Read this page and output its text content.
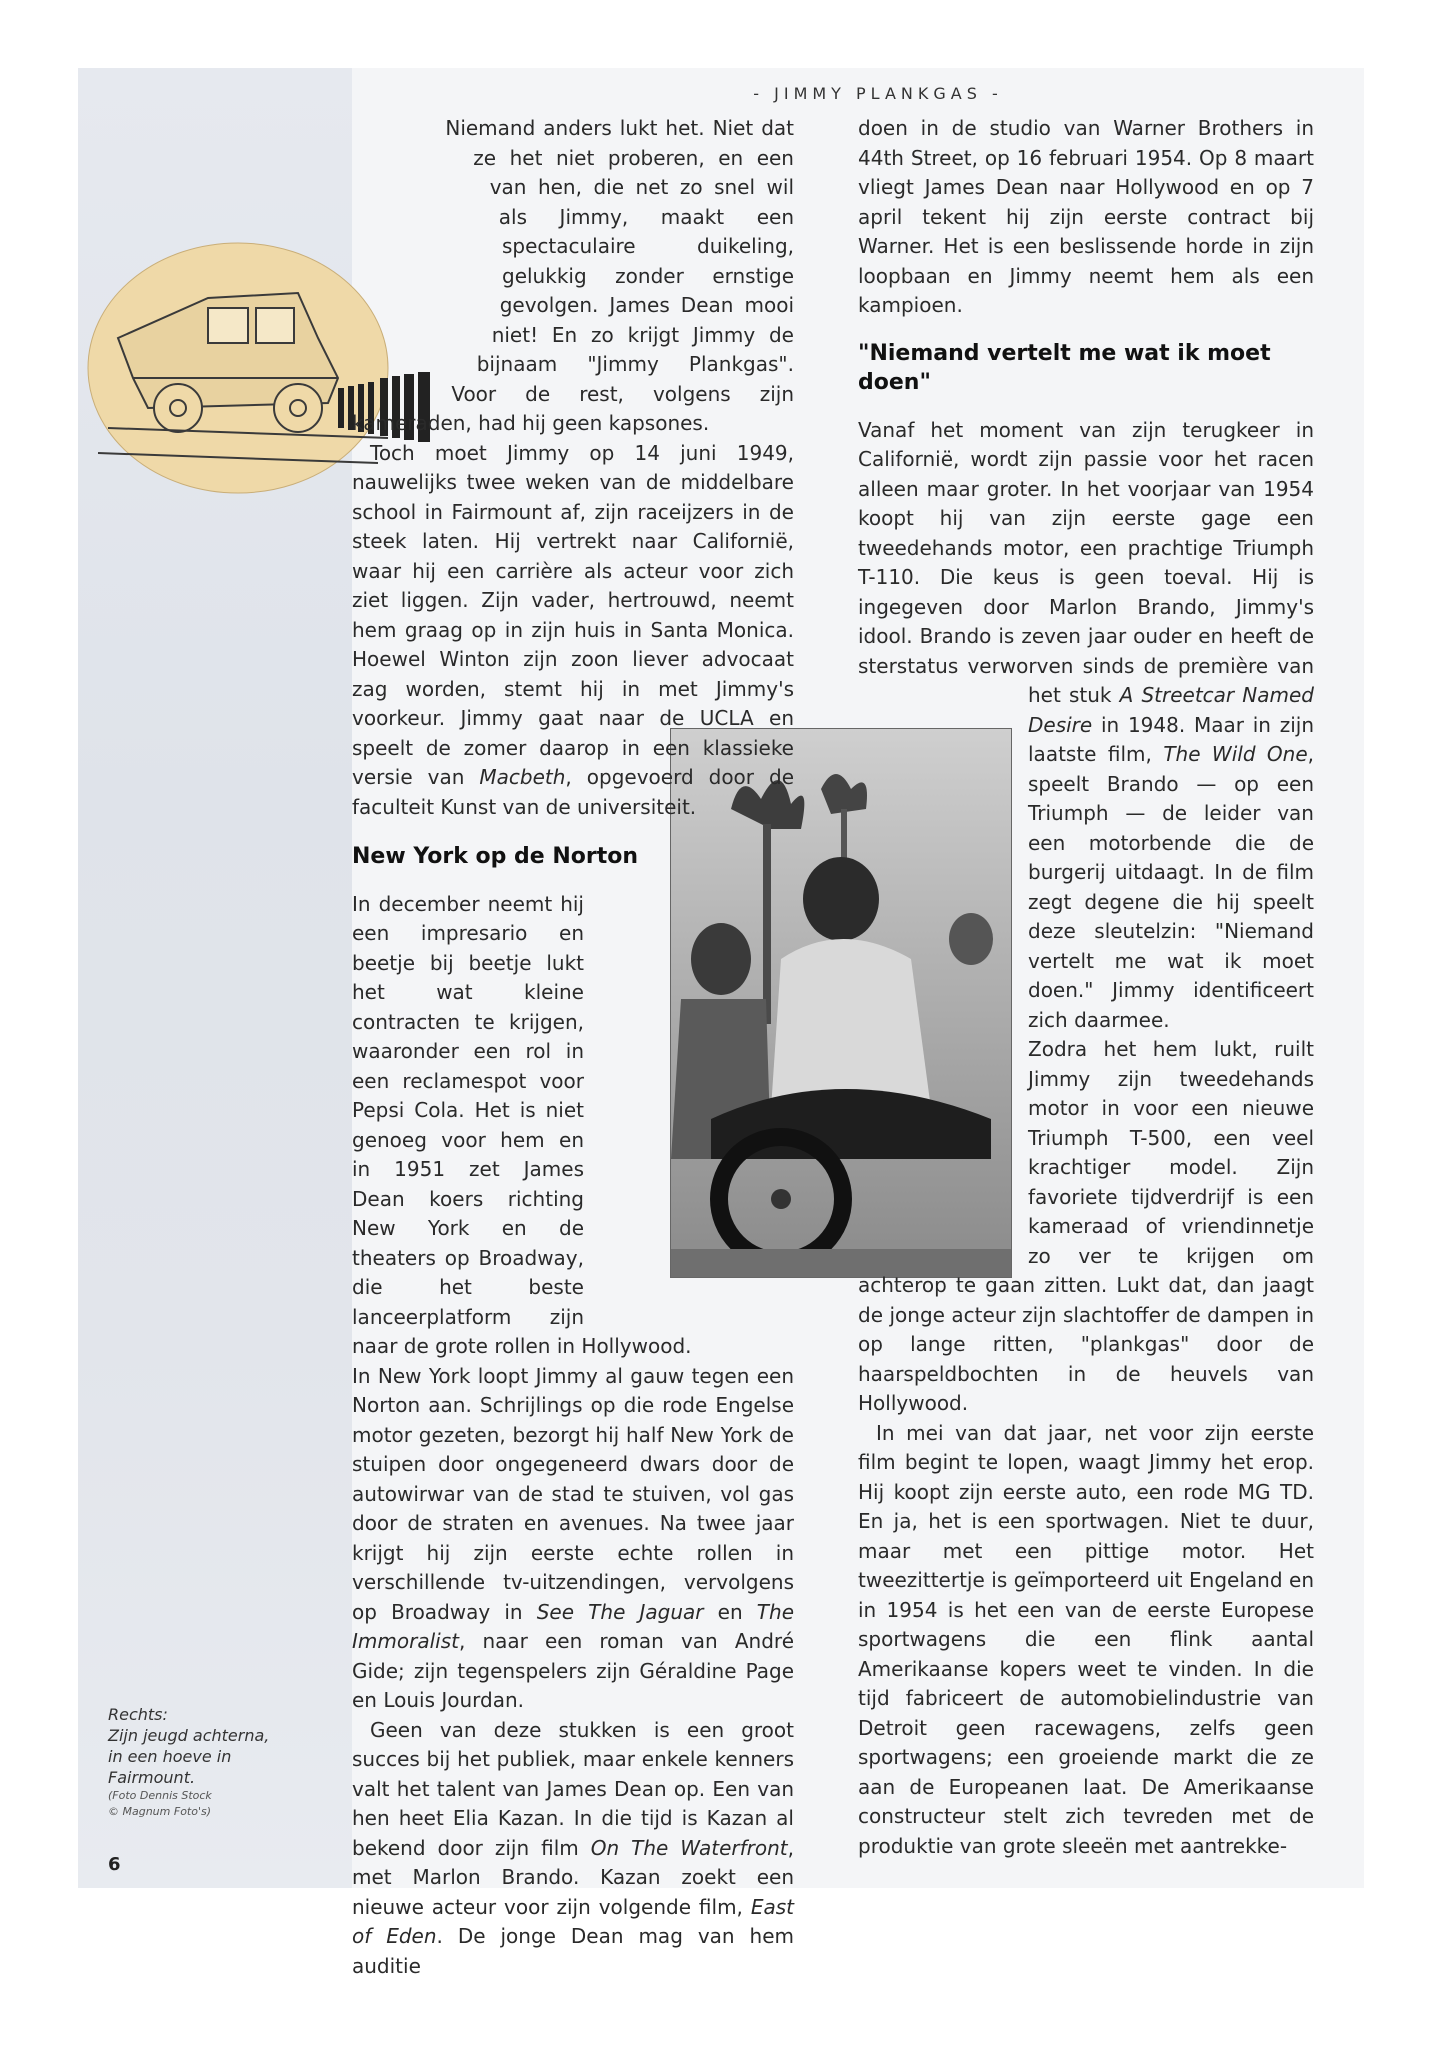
- JIMMY PLANKGAS -

Niemand anders lukt het. Niet dat ze het niet proberen, en een van hen, die net zo snel wil als Jimmy, maakt een spectaculaire duikeling, gelukkig zonder ernstige gevolgen. James Dean mooi niet! En zo krijgt Jimmy de bijnaam "Jimmy Plankgas". Voor de rest, volgens zijn kameraden, had hij geen kapsones.

Toch moet Jimmy op 14 juni 1949, nauwelijks twee weken van de middelbare school in Fairmount af, zijn raceijzers in de steek laten. Hij vertrekt naar Californië, waar hij een carrière als acteur voor zich ziet liggen. Zijn vader, hertrouwd, neemt hem graag op in zijn huis in Santa Monica. Hoewel Winton zijn zoon liever advocaat zag worden, stemt hij in met Jimmy's voorkeur. Jimmy gaat naar de UCLA en speelt de zomer daarop in een klassieke versie van Macbeth, opgevoerd door de faculteit Kunst van de universiteit.

New York op de Norton

In december neemt hij een impresario en beetje bij beetje lukt het wat kleine contracten te krijgen, waaronder een rol in een reclamespot voor Pepsi Cola. Het is niet genoeg voor hem en in 1951 zet James Dean koers richting New York en de theaters op Broadway, die het beste lanceerplatform zijn naar de grote rollen in Hollywood.

In New York loopt Jimmy al gauw tegen een Norton aan. Schrijlings op die rode Engelse motor gezeten, bezorgt hij half New York de stuipen door ongegeneerd dwars door de autowirwar van de stad te stuiven, vol gas door de straten en avenues. Na twee jaar krijgt hij zijn eerste echte rollen in verschillende tv-uitzendingen, vervolgens op Broadway in See The Jaguar en The Immoralist, naar een roman van André Gide; zijn tegenspelers zijn Géraldine Page en Louis Jourdan.

Geen van deze stukken is een groot succes bij het publiek, maar enkele kenners valt het talent van James Dean op. Een van hen heet Elia Kazan. In die tijd is Kazan al bekend door zijn film On The Waterfront, met Marlon Brando. Kazan zoekt een nieuwe acteur voor zijn volgende film, East of Eden. De jonge Dean mag van hem auditie

doen in de studio van Warner Brothers in 44th Street, op 16 februari 1954. Op 8 maart vliegt James Dean naar Hollywood en op 7 april tekent hij zijn eerste contract bij Warner. Het is een beslissende horde in zijn loopbaan en Jimmy neemt hem als een kampioen.

"Niemand vertelt me wat ik moet doen"

Vanaf het moment van zijn terugkeer in Californië, wordt zijn passie voor het racen alleen maar groter. In het voorjaar van 1954 koopt hij van zijn eerste gage een tweedehands motor, een prachtige Triumph T-110. Die keus is geen toeval. Hij is ingegeven door Marlon Brando, Jimmy's idool. Brando is zeven jaar ouder en heeft de sterstatus verworven sinds de première van het stuk A Streetcar Named Desire in 1948. Maar in zijn laatste film, The Wild One, speelt Brando — op een Triumph — de leider van een motorbende die de burgerij uitdaagt. In de film zegt degene die hij speelt deze sleutelzin: "Niemand vertelt me wat ik moet doen." Jimmy identificeert zich daarmee.

Zodra het hem lukt, ruilt Jimmy zijn tweedehands motor in voor een nieuwe Triumph T-500, een veel krachtiger model. Zijn favoriete tijdverdrijf is een kameraad of vriendinnetje zo ver te krijgen om achterop te gaan zitten. Lukt dat, dan jaagt de jonge acteur zijn slachtoffer de dampen in op lange ritten, "plankgas" door de haarspeldbochten in de heuvels van Hollywood.

In mei van dat jaar, net voor zijn eerste film begint te lopen, waagt Jimmy het erop. Hij koopt zijn eerste auto, een rode MG TD. En ja, het is een sportwagen. Niet te duur, maar met een pittige motor. Het tweezittertje is geïmporteerd uit Engeland en in 1954 is het een van de eerste Europese sportwagens die een flink aantal Amerikaanse kopers weet te vinden. In die tijd fabriceert de automobielindustrie van Detroit geen racewagens, zelfs geen sportwagens; een groeiende markt die ze aan de Europeanen laat. De Amerikaanse constructeur stelt zich tevreden met de produktie van grote sleeën met aantrekke-

Rechts:
Zijn jeugd achterna,
in een hoeve in
Fairmount.
(Foto Dennis Stock
© Magnum Foto's)
6
